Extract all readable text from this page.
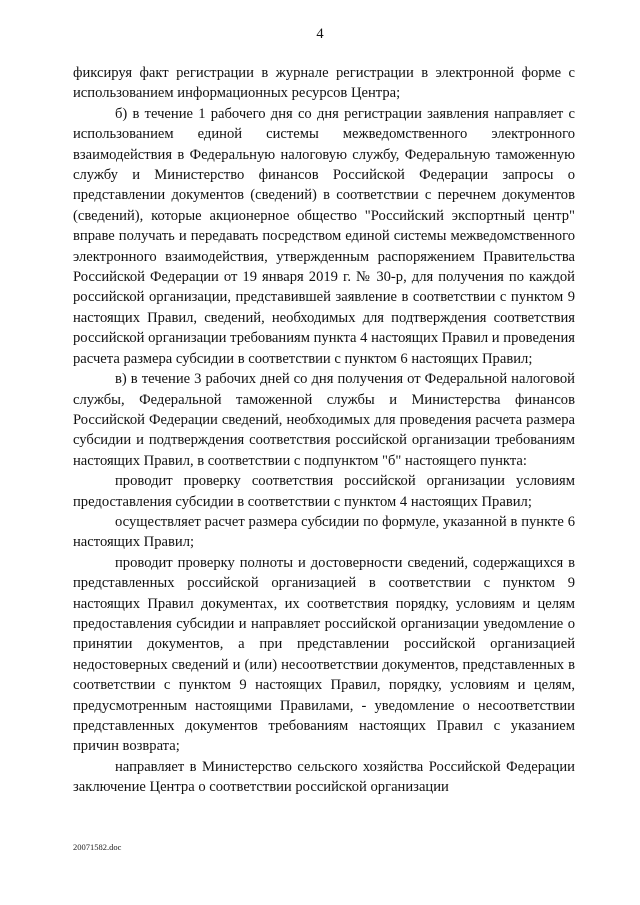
4

фиксируя факт регистрации в журнале регистрации в электронной форме с использованием информационных ресурсов Центра;

б) в течение 1 рабочего дня со дня регистрации заявления направляет с использованием единой системы межведомственного электронного взаимодействия в Федеральную налоговую службу, Федеральную таможенную службу и Министерство финансов Российской Федерации запросы о представлении документов (сведений) в соответствии с перечнем документов (сведений), которые акционерное общество "Российский экспортный центр" вправе получать и передавать посредством единой системы межведомственного электронного взаимодействия, утвержденным распоряжением Правительства Российской Федерации от 19 января 2019 г. № 30-р, для получения по каждой российской организации, представившей заявление в соответствии с пунктом 9 настоящих Правил, сведений, необходимых для подтверждения соответствия российской организации требованиям пункта 4 настоящих Правил и проведения расчета размера субсидии в соответствии с пунктом 6 настоящих Правил;

в) в течение 3 рабочих дней со дня получения от Федеральной налоговой службы, Федеральной таможенной службы и Министерства финансов Российской Федерации сведений, необходимых для проведения расчета размера субсидии и подтверждения соответствия российской организации требованиям настоящих Правил, в соответствии с подпунктом "б" настоящего пункта:

проводит проверку соответствия российской организации условиям предоставления субсидии в соответствии с пунктом 4 настоящих Правил;

осуществляет расчет размера субсидии по формуле, указанной в пункте 6 настоящих Правил;

проводит проверку полноты и достоверности сведений, содержащихся в представленных российской организацией в соответствии с пунктом 9 настоящих Правил документах, их соответствия порядку, условиям и целям предоставления субсидии и направляет российской организации уведомление о принятии документов, а при представлении российской организацией недостоверных сведений и (или) несоответствии документов, представленных в соответствии с пунктом 9 настоящих Правил, порядку, условиям и целям, предусмотренным настоящими Правилами, - уведомление о несоответствии представленных документов требованиям настоящих Правил с указанием причин возврата;

направляет в Министерство сельского хозяйства Российской Федерации заключение Центра о соответствии российской организации

20071582.doc
